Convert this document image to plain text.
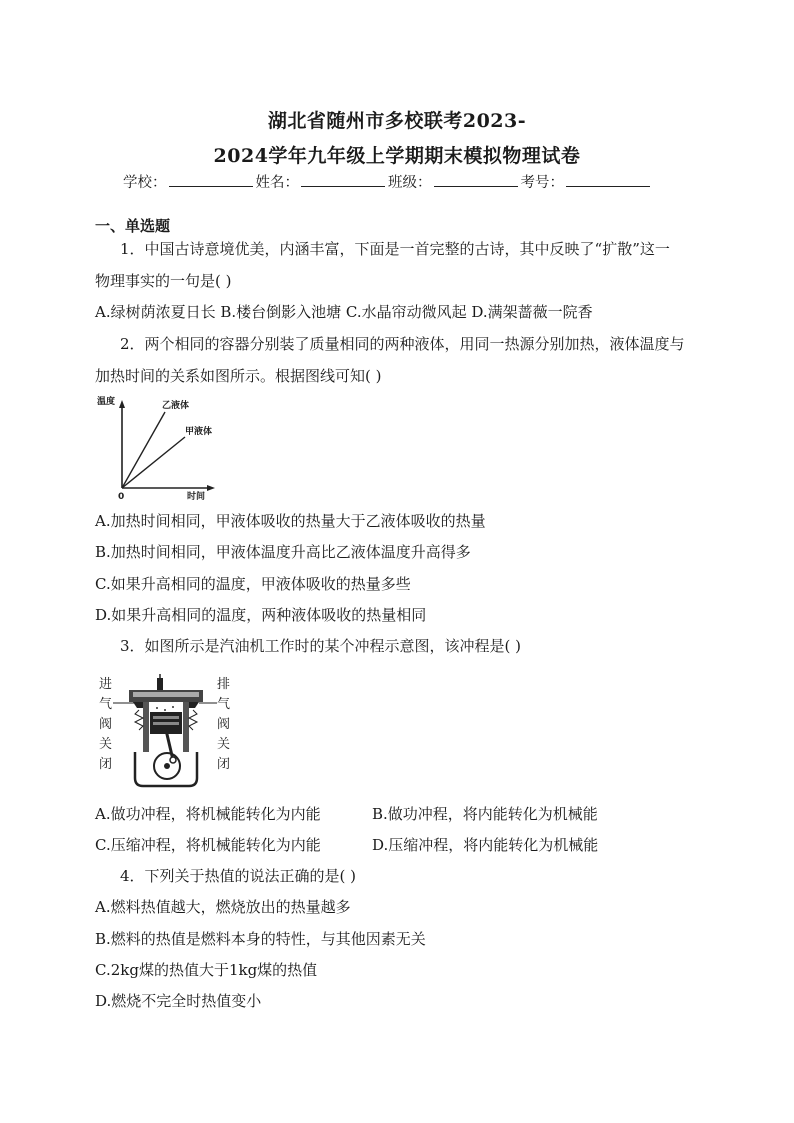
湖北省随州市多校联考2023-
2024学年九年级上学期期末模拟物理试卷
学校：	姓名：	班级：	考号：
一、单选题
1．中国古诗意境优美，内涵丰富，下面是一首完整的古诗，其中反映了“扩散”这一
物理事实的一句是( )
A.绿树荫浓夏日长 B.楼台倒影入池塘 C.水晶帘动微风起 D.满架蔷薇一院香
2．两个相同的容器分别装了质量相同的两种液体，用同一热源分别加热，液体温度与
加热时间的关系如图所示。根据图线可知( )
温度	乙液体
甲液体
0	时间
A.加热时间相同，甲液体吸收的热量大于乙液体吸收的热量
B.加热时间相同，甲液体温度升高比乙液体温度升高得多
C.如果升高相同的温度，甲液体吸收的热量多些
D.如果升高相同的温度，两种液体吸收的热量相同
3．如图所示是汽油机工作时的某个冲程示意图，该冲程是( )
进
气
阀
关
闭
排
气
阀
关
闭
A.做功冲程，将机械能转化为内能	B.做功冲程，将内能转化为机械能
C.压缩冲程，将机械能转化为内能	D.压缩冲程，将内能转化为机械能
4．下列关于热值的说法正确的是( )
A.燃料热值越大，燃烧放出的热量越多
B.燃料的热值是燃料本身的特性，与其他因素无关
C.2kg煤的热值大于1kg煤的热值
D.燃烧不完全时热值变小
